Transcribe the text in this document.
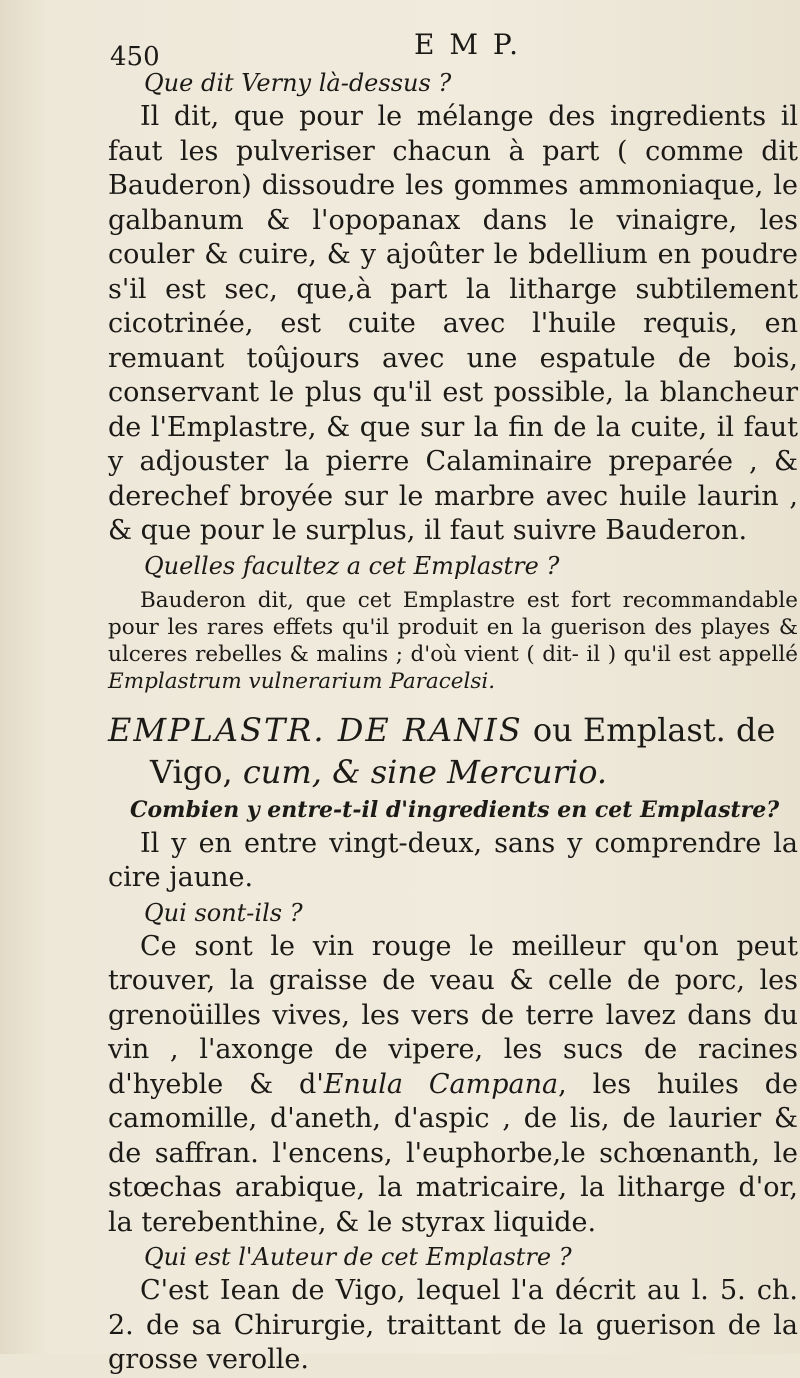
450	E M P.

Que dit Verny là-dessus ?

Il dit, que pour le mélange des ingredients il faut les pulveriser chacun à part ( comme dit Bauderon) dissoudre les gommes ammoniaque, le galbanum & l'opopanax dans le vinaigre, les couler & cuire, & y ajoûter le bdellium en poudre s'il est sec, que,à part la litharge subtilement cicotrinée, est cuite avec l'huile requis, en remuant toûjours avec une espatule de bois, conservant le plus qu'il est possible, la blancheur de l'Emplastre, & que sur la fin de la cuite, il faut y adjouster la pierre Calaminaire preparée , & derechef broyée sur le marbre avec huile laurin , & que pour le surplus, il faut suivre Bauderon.

Quelles facultez a cet Emplastre ?

Bauderon dit, que cet Emplastre est fort recommandable pour les rares effets qu'il produit en la guerison des playes & ulceres rebelles & malins ; d'où vient ( dit- il ) qu'il est appellé Emplastrum vulnerarium Paracelsi.

EMPLASTR. DE RANIS ou Emplast. de

Vigo, cum, & sine Mercurio.

Combien y entre-t-il d'ingredients en cet Emplastre?

Il y en entre vingt-deux, sans y comprendre la cire jaune.

Qui sont-ils ?

Ce sont le vin rouge le meilleur qu'on peut trouver, la graisse de veau & celle de porc, les grenoüilles vives, les vers de terre lavez dans du vin , l'axonge de vipere, les sucs de racines d'hyeble & d'Enula Campana, les huiles de camomille, d'aneth, d'aspic , de lis, de laurier & de saffran. l'encens, l'euphorbe,le schœnanth, le stœchas arabique, la matricaire, la litharge d'or, la terebenthine, & le styrax liquide.

Qui est l'Auteur de cet Emplastre ?

C'est Iean de Vigo, lequel l'a décrit au l. 5. ch. 2. de sa Chirurgie, traittant de la guerison de la grosse verolle.
